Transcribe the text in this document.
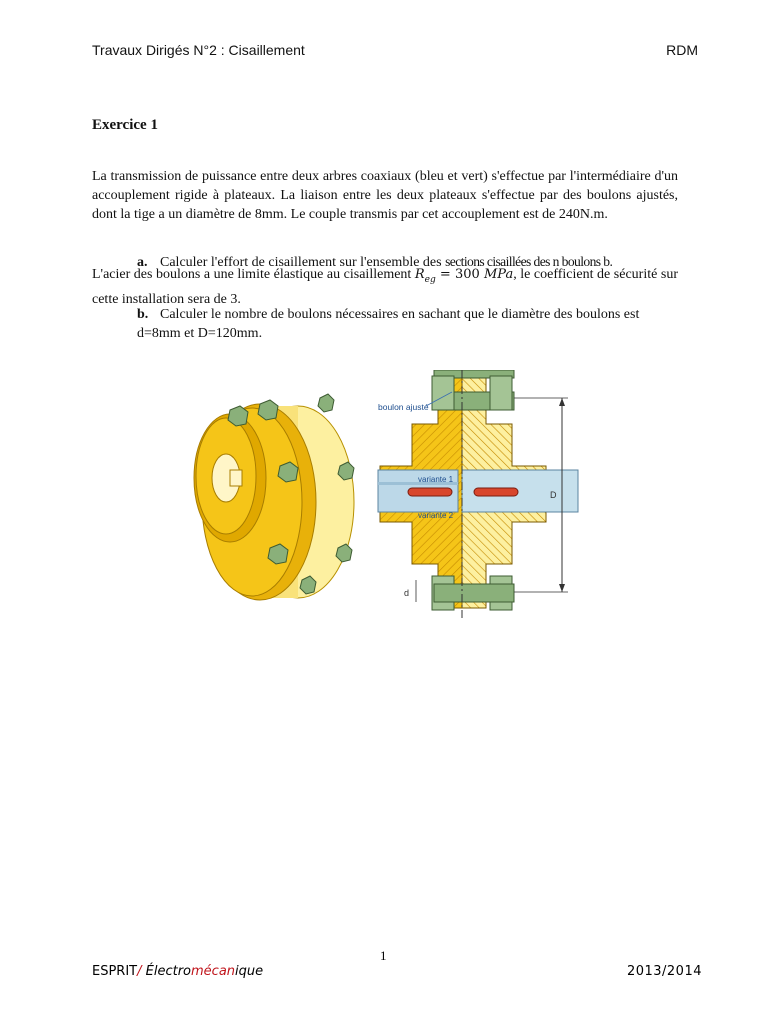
Travaux Dirigés N°2 : Cisaillement	RDM
Exercice 1
La transmission de puissance entre deux arbres coaxiaux (bleu et vert) s'effectue par l'intermédiaire d'un accouplement rigide à plateaux. La liaison entre les deux plateaux s'effectue par des boulons ajustés, dont la tige a un diamètre de 8mm. Le couple transmis par cet accouplement est de 240N.m.
a. Calculer l'effort de cisaillement sur l'ensemble des sections cisaillées des n boulons b.
L'acier des boulons a une limite élastique au cisaillement $R_{eg} = 300$ MPa, le coefficient de sécurité sur cette installation sera de 3.
b. Calculer le nombre de boulons nécessaires en sachant que le diamètre des boulons est d=8mm et D=120mm.
D
d
boulon ajusté
variante 1
variante 2
1
ESPRIT/ Électromécanique	2013/2014
